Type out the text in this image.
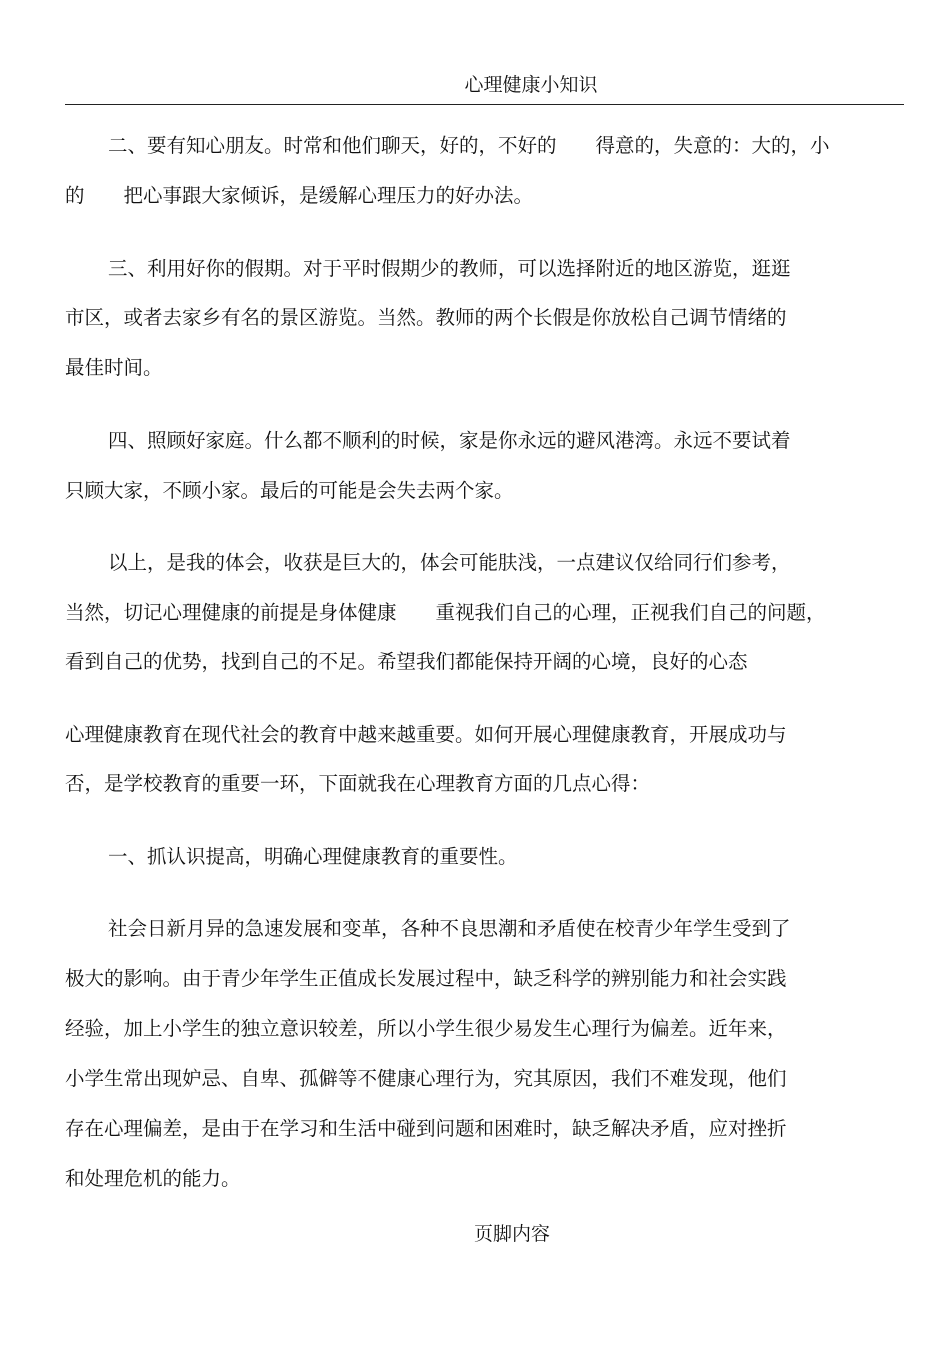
心理健康小知识
二、要有知心朋友。时常和他们聊天，好的，不好的　　得意的，失意的：大的，小
的　　把心事跟大家倾诉，是缓解心理压力的好办法。
三、利用好你的假期。对于平时假期少的教师，可以选择附近的地区游览，逛逛
市区，或者去家乡有名的景区游览。当然。教师的两个长假是你放松自己调节情绪的
最佳时间。
四、照顾好家庭。什么都不顺利的时候，家是你永远的避风港湾。永远不要试着
只顾大家，不顾小家。最后的可能是会失去两个家。
以上，是我的体会，收获是巨大的，体会可能肤浅，一点建议仅给同行们参考，
当然，切记心理健康的前提是身体健康　　重视我们自己的心理，正视我们自己的问题，
看到自己的优势，找到自己的不足。希望我们都能保持开阔的心境，良好的心态
心理健康教育在现代社会的教育中越来越重要。如何开展心理健康教育，开展成功与
否，是学校教育的重要一环，下面就我在心理教育方面的几点心得：
一、抓认识提高，明确心理健康教育的重要性。
社会日新月异的急速发展和变革，各种不良思潮和矛盾使在校青少年学生受到了
极大的影响。由于青少年学生正值成长发展过程中，缺乏科学的辨别能力和社会实践
经验，加上小学生的独立意识较差，所以小学生很少易发生心理行为偏差。近年来，
小学生常出现妒忌、自卑、孤僻等不健康心理行为，究其原因，我们不难发现，他们
存在心理偏差，是由于在学习和生活中碰到问题和困难时，缺乏解决矛盾，应对挫折
和处理危机的能力。
页脚内容
